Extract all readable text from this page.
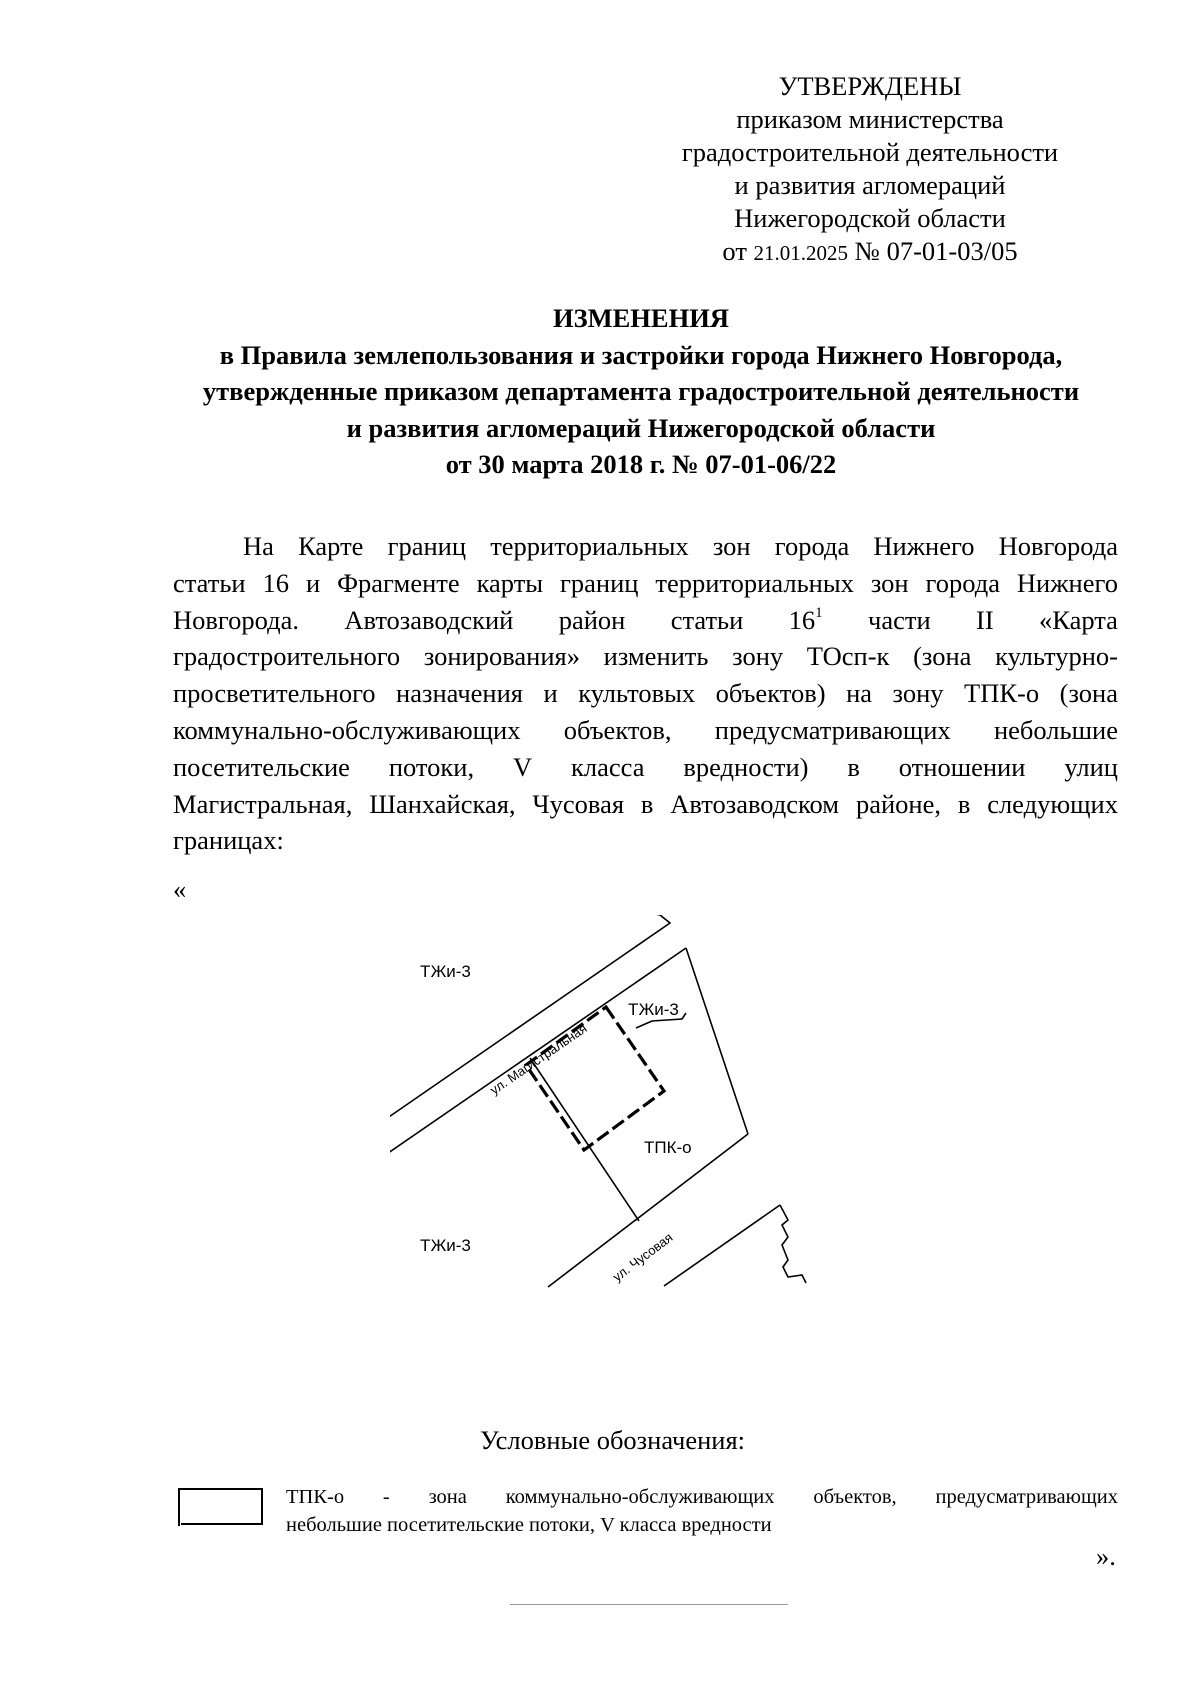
УТВЕРЖДЕНЫ
приказом министерства
градостроительной деятельности
и развития агломераций
Нижегородской области
от 21.01.2025 № 07-01-03/05
ИЗМЕНЕНИЯ
в Правила землепользования и застройки города Нижнего Новгорода,
утвержденные приказом департамента градостроительной деятельности
и развития агломераций Нижегородской области
от 30 марта 2018 г. № 07-01-06/22
На Карте границ территориальных зон города Нижнего Новгорода
статьи 16 и Фрагменте карты границ территориальных зон города Нижнего
Новгорода. Автозаводский район статьи $16^1$ части II «Карта
градостроительного зонирования» изменить зону ТОсп-к (зона культурно-
просветительного назначения и культовых объектов) на зону ТПК-о (зона
коммунально-обслуживающих объектов, предусматривающих небольшие
посетительские потоки, V класса вредности) в отношении улиц
Магистральная, Шанхайская, Чусовая в Автозаводском районе, в следующих
границах:
«
ТЖи-3
ТЖи-3
ТПК-о
ТЖи-3
ул. Магистральная
ул. Чусовая
Условные обозначения:
ТПК-о - зона коммунально-обслуживающих объектов, предусматривающих
небольшие посетительские потоки, V класса вредности
».
